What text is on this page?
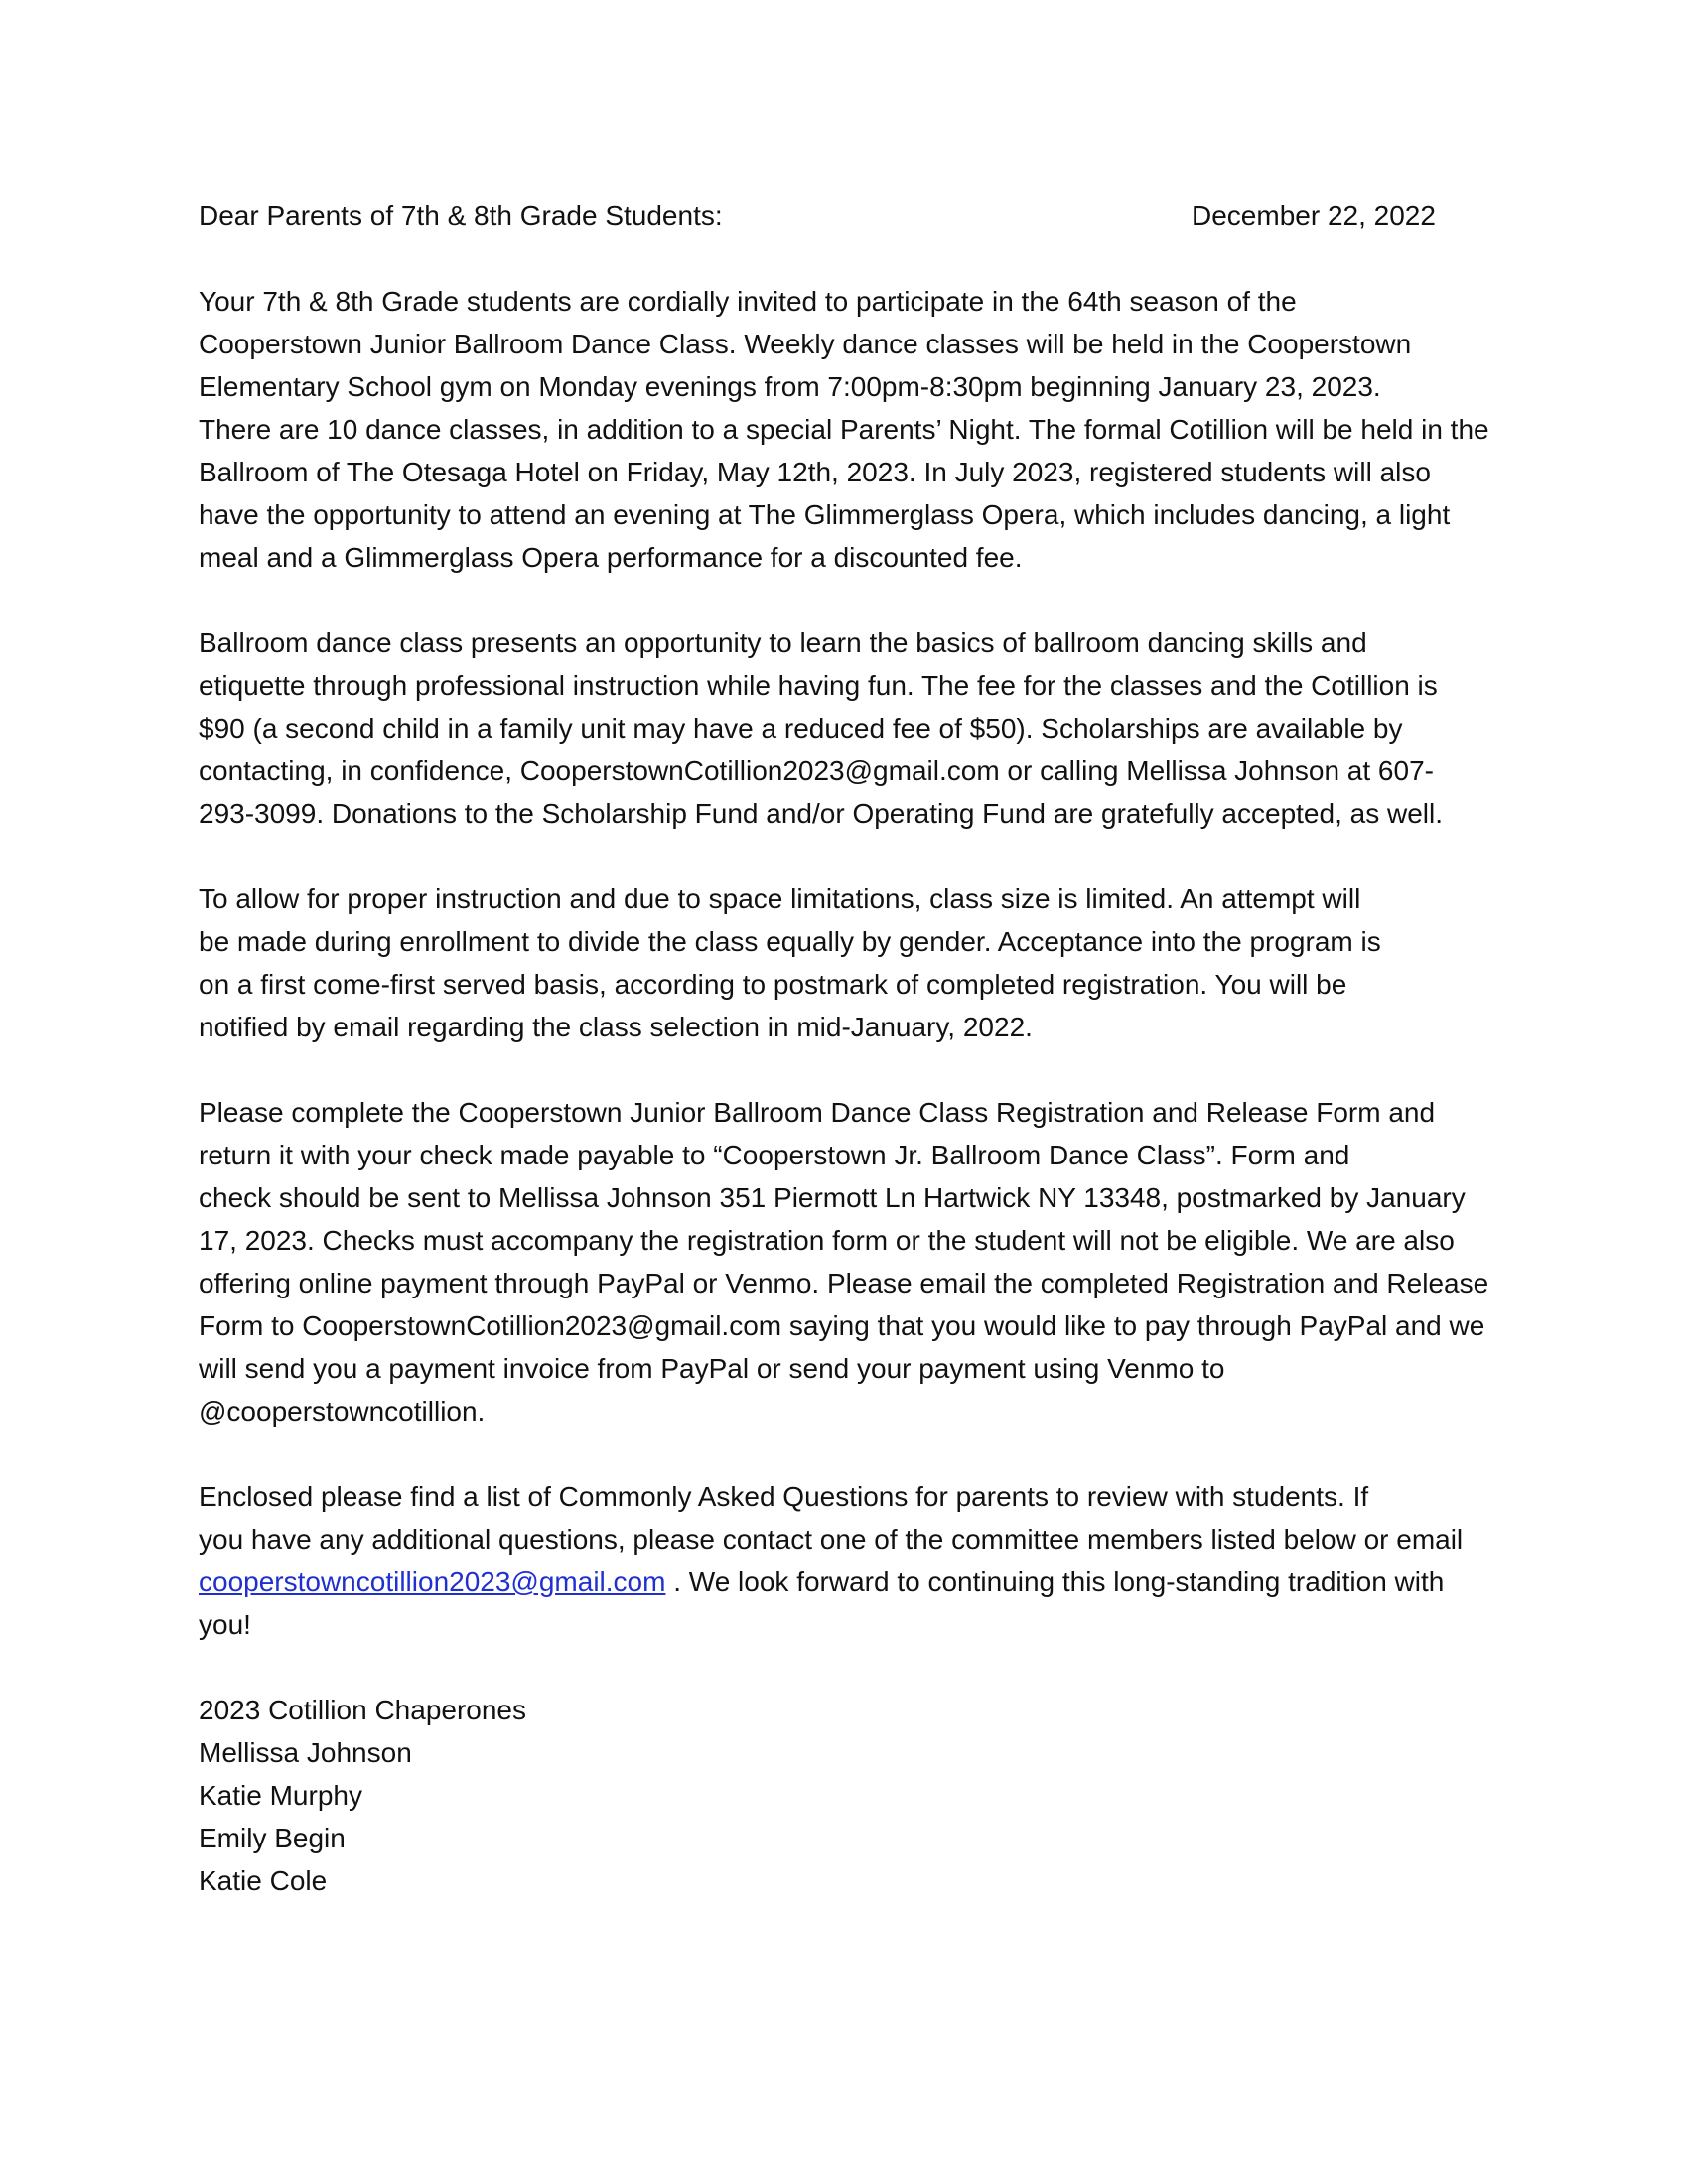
Dear Parents of 7th & 8th Grade Students:	December 22, 2022
Your 7th & 8th Grade students are cordially invited to participate in the 64th season of the
Cooperstown Junior Ballroom Dance Class. Weekly dance classes will be held in the Cooperstown
Elementary School gym on Monday evenings from 7:00pm-8:30pm beginning January 23, 2023.
There are 10 dance classes, in addition to a special Parents’ Night. The formal Cotillion will be held in the
Ballroom of The Otesaga Hotel on Friday, May 12th, 2023. In July 2023, registered students will also
have the opportunity to attend an evening at The Glimmerglass Opera, which includes dancing, a light
meal and a Glimmerglass Opera performance for a discounted fee.
Ballroom dance class presents an opportunity to learn the basics of ballroom dancing skills and
etiquette through professional instruction while having fun. The fee for the classes and the Cotillion is
$90 (a second child in a family unit may have a reduced fee of $50). Scholarships are available by
contacting, in confidence, CooperstownCotillion2023@gmail.com or calling Mellissa Johnson at 607-
293-3099. Donations to the Scholarship Fund and/or Operating Fund are gratefully accepted, as well.
To allow for proper instruction and due to space limitations, class size is limited. An attempt will
be made during enrollment to divide the class equally by gender. Acceptance into the program is
on a first come-first served basis, according to postmark of completed registration. You will be
notified by email regarding the class selection in mid-January, 2022.
Please complete the Cooperstown Junior Ballroom Dance Class Registration and Release Form and
return it with your check made payable to “Cooperstown Jr. Ballroom Dance Class”. Form and
check should be sent to Mellissa Johnson 351 Piermott Ln Hartwick NY 13348, postmarked by January
17, 2023. Checks must accompany the registration form or the student will not be eligible. We are also
offering online payment through PayPal or Venmo. Please email the completed Registration and Release
Form to CooperstownCotillion2023@gmail.com saying that you would like to pay through PayPal and we
will send you a payment invoice from PayPal or send your payment using Venmo to
@cooperstowncotillion.
Enclosed please find a list of Commonly Asked Questions for parents to review with students. If
you have any additional questions, please contact one of the committee members listed below or email
cooperstowncotillion2023@gmail.com . We look forward to continuing this long-standing tradition with
you!
2023 Cotillion Chaperones
Mellissa Johnson
Katie Murphy
Emily Begin
Katie Cole
